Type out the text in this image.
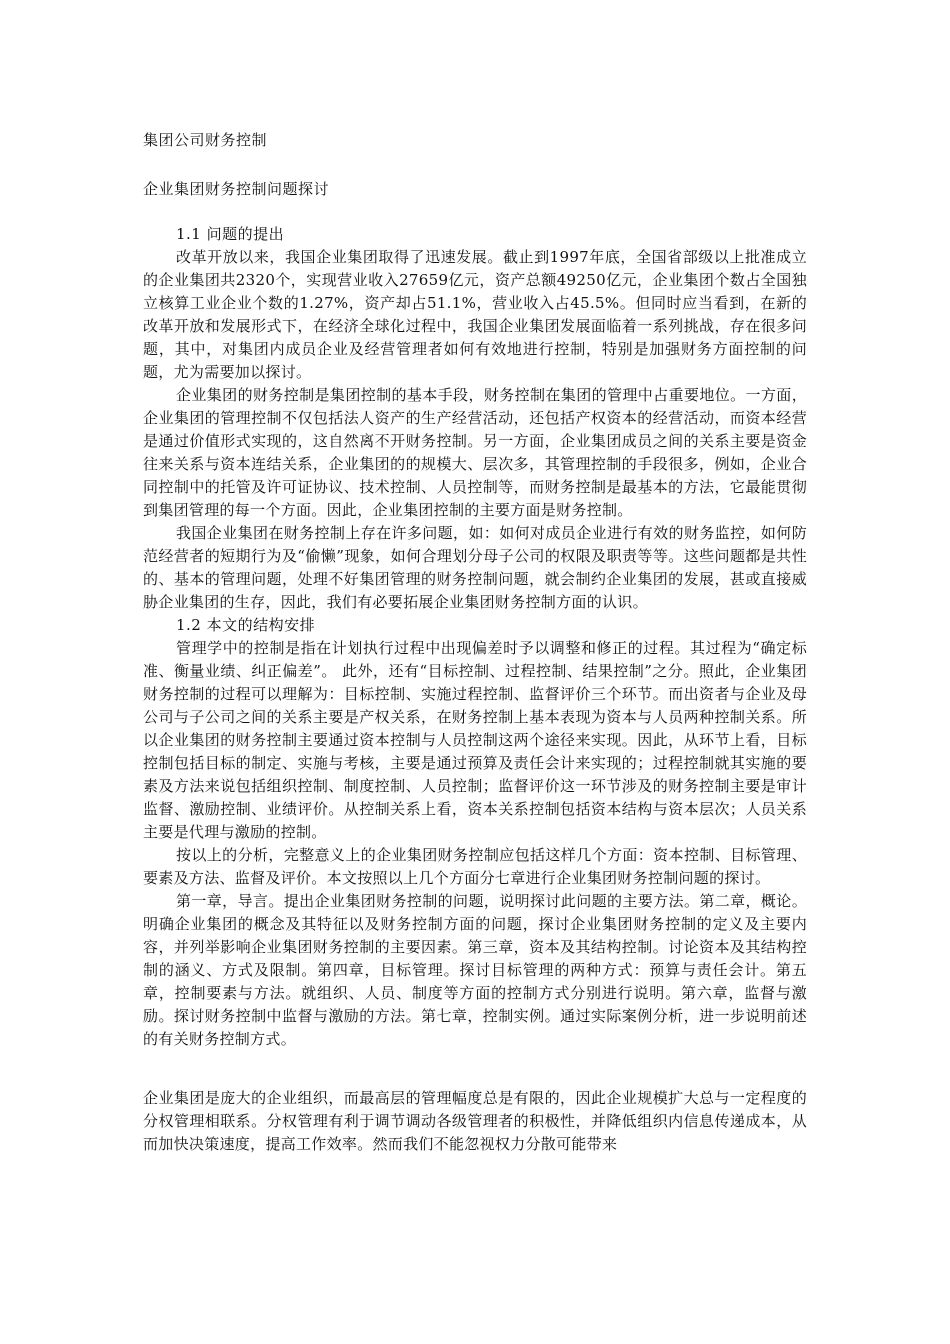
集团公司财务控制

企业集团财务控制问题探讨

1.1 问题的提出

改革开放以来，我国企业集团取得了迅速发展。截止到1997年底，全国省部级以上批准成立的企业集团共2320个，实现营业收入27659亿元，资产总额49250亿元，企业集团个数占全国独立核算工业企业个数的1.27%，资产却占51.1%，营业收入占45.5%。但同时应当看到，在新的改革开放和发展形式下，在经济全球化过程中，我国企业集团发展面临着一系列挑战，存在很多问题，其中，对集团内成员企业及经营管理者如何有效地进行控制，特别是加强财务方面控制的问题，尤为需要加以探讨。

企业集团的财务控制是集团控制的基本手段，财务控制在集团的管理中占重要地位。一方面，企业集团的管理控制不仅包括法人资产的生产经营活动，还包括产权资本的经营活动，而资本经营是通过价值形式实现的，这自然离不开财务控制。另一方面，企业集团成员之间的关系主要是资金往来关系与资本连结关系，企业集团的的规模大、层次多，其管理控制的手段很多，例如，企业合同控制中的托管及许可证协议、技术控制、人员控制等，而财务控制是最基本的方法，它最能贯彻到集团管理的每一个方面。因此，企业集团控制的主要方面是财务控制。

我国企业集团在财务控制上存在许多问题，如：如何对成员企业进行有效的财务监控，如何防范经营者的短期行为及“偷懒”现象，如何合理划分母子公司的权限及职责等等。这些问题都是共性的、基本的管理问题，处理不好集团管理的财务控制问题，就会制约企业集团的发展，甚或直接威胁企业集团的生存，因此，我们有必要拓展企业集团财务控制方面的认识。

1.2 本文的结构安排

管理学中的控制是指在计划执行过程中出现偏差时予以调整和修正的过程。其过程为“确定标准、衡量业绩、纠正偏差”。 此外，还有“目标控制、过程控制、结果控制”之分。照此，企业集团财务控制的过程可以理解为：目标控制、实施过程控制、监督评价三个环节。而出资者与企业及母公司与子公司之间的关系主要是产权关系，在财务控制上基本表现为资本与人员两种控制关系。所以企业集团的财务控制主要通过资本控制与人员控制这两个途径来实现。因此，从环节上看，目标控制包括目标的制定、实施与考核，主要是通过预算及责任会计来实现的；过程控制就其实施的要素及方法来说包括组织控制、制度控制、人员控制；监督评价这一环节涉及的财务控制主要是审计监督、激励控制、业绩评价。从控制关系上看，资本关系控制包括资本结构与资本层次；人员关系主要是代理与激励的控制。

按以上的分析，完整意义上的企业集团财务控制应包括这样几个方面：资本控制、目标管理、要素及方法、监督及评价。本文按照以上几个方面分七章进行企业集团财务控制问题的探讨。

第一章，导言。提出企业集团财务控制的问题，说明探讨此问题的主要方法。第二章，概论。明确企业集团的概念及其特征以及财务控制方面的问题，探讨企业集团财务控制的定义及主要内容，并列举影响企业集团财务控制的主要因素。第三章，资本及其结构控制。讨论资本及其结构控制的涵义、方式及限制。第四章，目标管理。探讨目标管理的两种方式：预算与责任会计。第五章，控制要素与方法。就组织、人员、制度等方面的控制方式分别进行说明。第六章，监督与激励。探讨财务控制中监督与激励的方法。第七章，控制实例。通过实际案例分析，进一步说明前述的有关财务控制方式。

企业集团是庞大的企业组织，而最高层的管理幅度总是有限的，因此企业规模扩大总与一定程度的分权管理相联系。分权管理有利于调节调动各级管理者的积极性，并降低组织内信息传递成本，从而加快决策速度，提高工作效率。然而我们不能忽视权力分散可能带来
